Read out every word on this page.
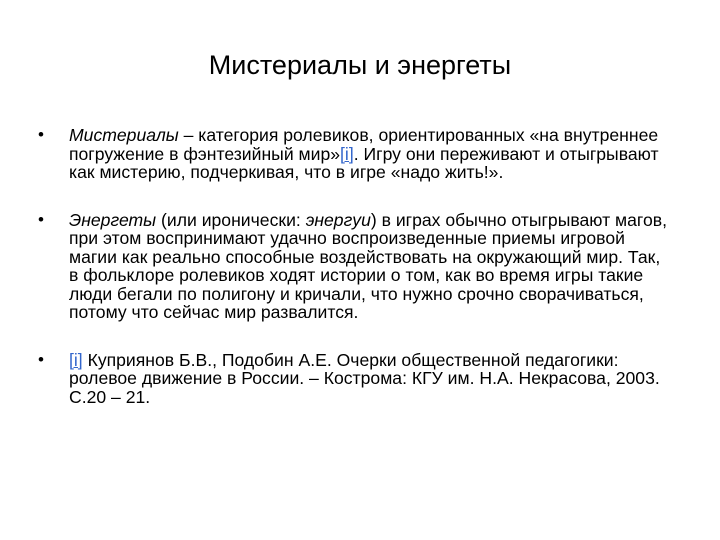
Мистериалы и энергеты
• Мистериалы – категория ролевиков, ориентированных «на внутреннее погружение в фэнтезийный мир»[i]. Игру они переживают и отыгрывают как мистерию, подчеркивая, что в игре «надо жить!».
• Энергеты (или иронически: энергуи) в играх обычно отыгрывают магов, при этом воспринимают удачно воспроизведенные приемы игровой магии как реально способные воздействовать на окружающий мир. Так, в фольклоре ролевиков ходят истории о том, как во время игры такие люди бегали по полигону и кричали, что нужно срочно сворачиваться, потому что сейчас мир развалится.
• [i] Куприянов Б.В., Подобин А.Е. Очерки общественной педагогики: ролевое движение в России. – Кострома: КГУ им. Н.А. Некрасова, 2003. С.20 – 21.
